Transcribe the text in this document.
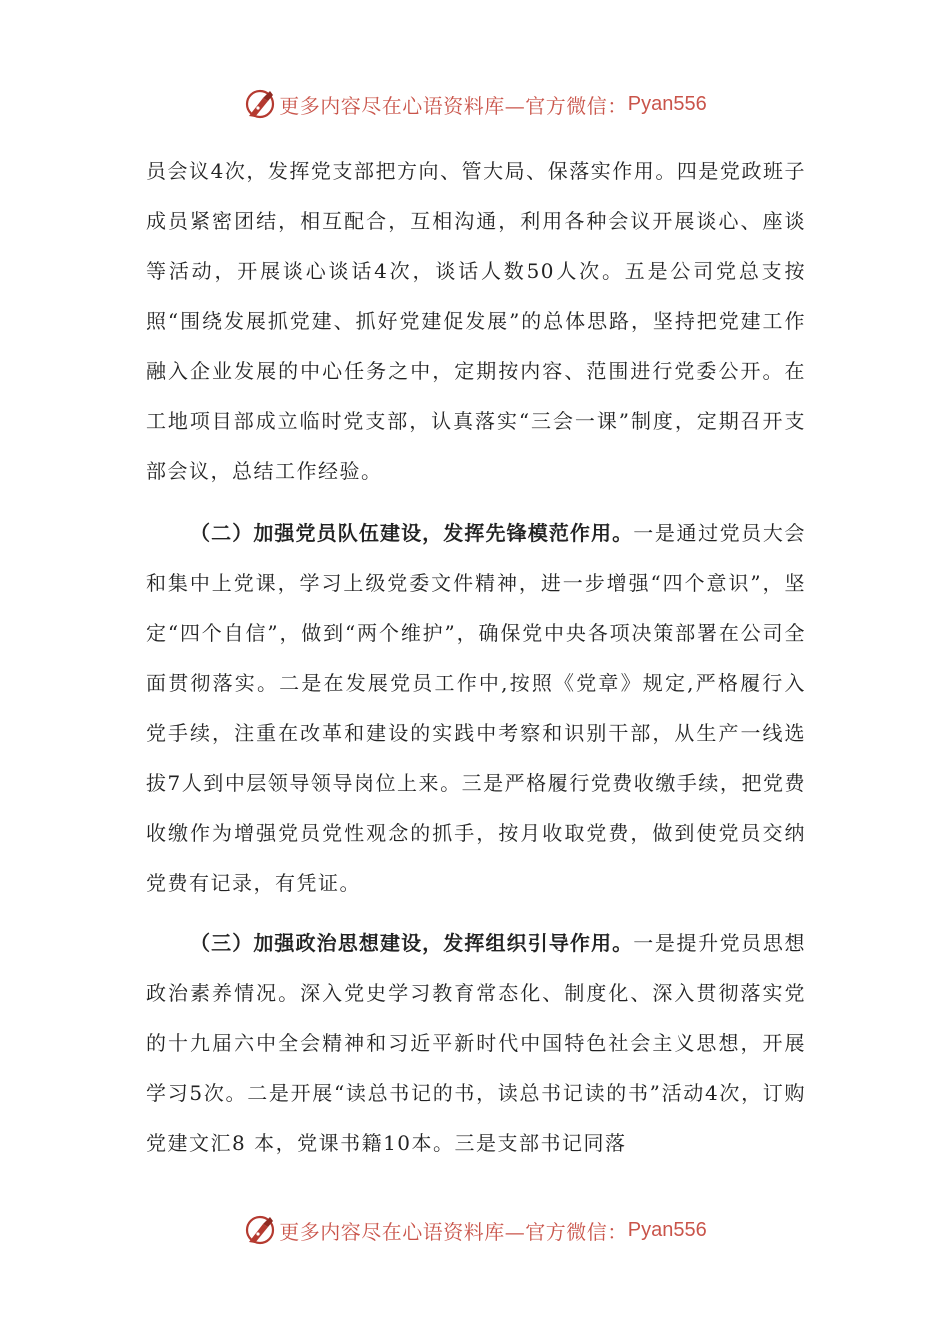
更多内容尽在心语资料库—官方微信： Pyan556

员会议4次，发挥党支部把方向、管大局、保落实作用。四是党政班子成员紧密团结，相互配合，互相沟通，利用各种会议开展谈心、座谈等活动，开展谈心谈话4次，谈话人数50人次。五是公司党总支按照“围绕发展抓党建、抓好党建促发展”的总体思路，坚持把党建工作融入企业发展的中心任务之中，定期按内容、范围进行党委公开。在工地项目部成立临时党支部，认真落实“三会一课”制度，定期召开支部会议，总结工作经验。

（二）加强党员队伍建设，发挥先锋模范作用。一是通过党员大会和集中上党课，学习上级党委文件精神，进一步增强“四个意识”，坚定“四个自信”，做到“两个维护”，确保党中央各项决策部署在公司全面贯彻落实。二是在发展党员工作中,按照《党章》规定,严格履行入党手续，注重在改革和建设的实践中考察和识别干部，从生产一线选拔7人到中层领导领导岗位上来。三是严格履行党费收缴手续，把党费收缴作为增强党员党性观念的抓手，按月收取党费，做到使党员交纳党费有记录，有凭证。

（三）加强政治思想建设，发挥组织引导作用。一是提升党员思想政治素养情况。深入党史学习教育常态化、制度化、深入贯彻落实党的十九届六中全会精神和习近平新时代中国特色社会主义思想，开展学习5次。二是开展“读总书记的书，读总书记读的书”活动4次，订购党建文汇8 本，党课书籍10本。三是支部书记同落

更多内容尽在心语资料库—官方微信： Pyan556
